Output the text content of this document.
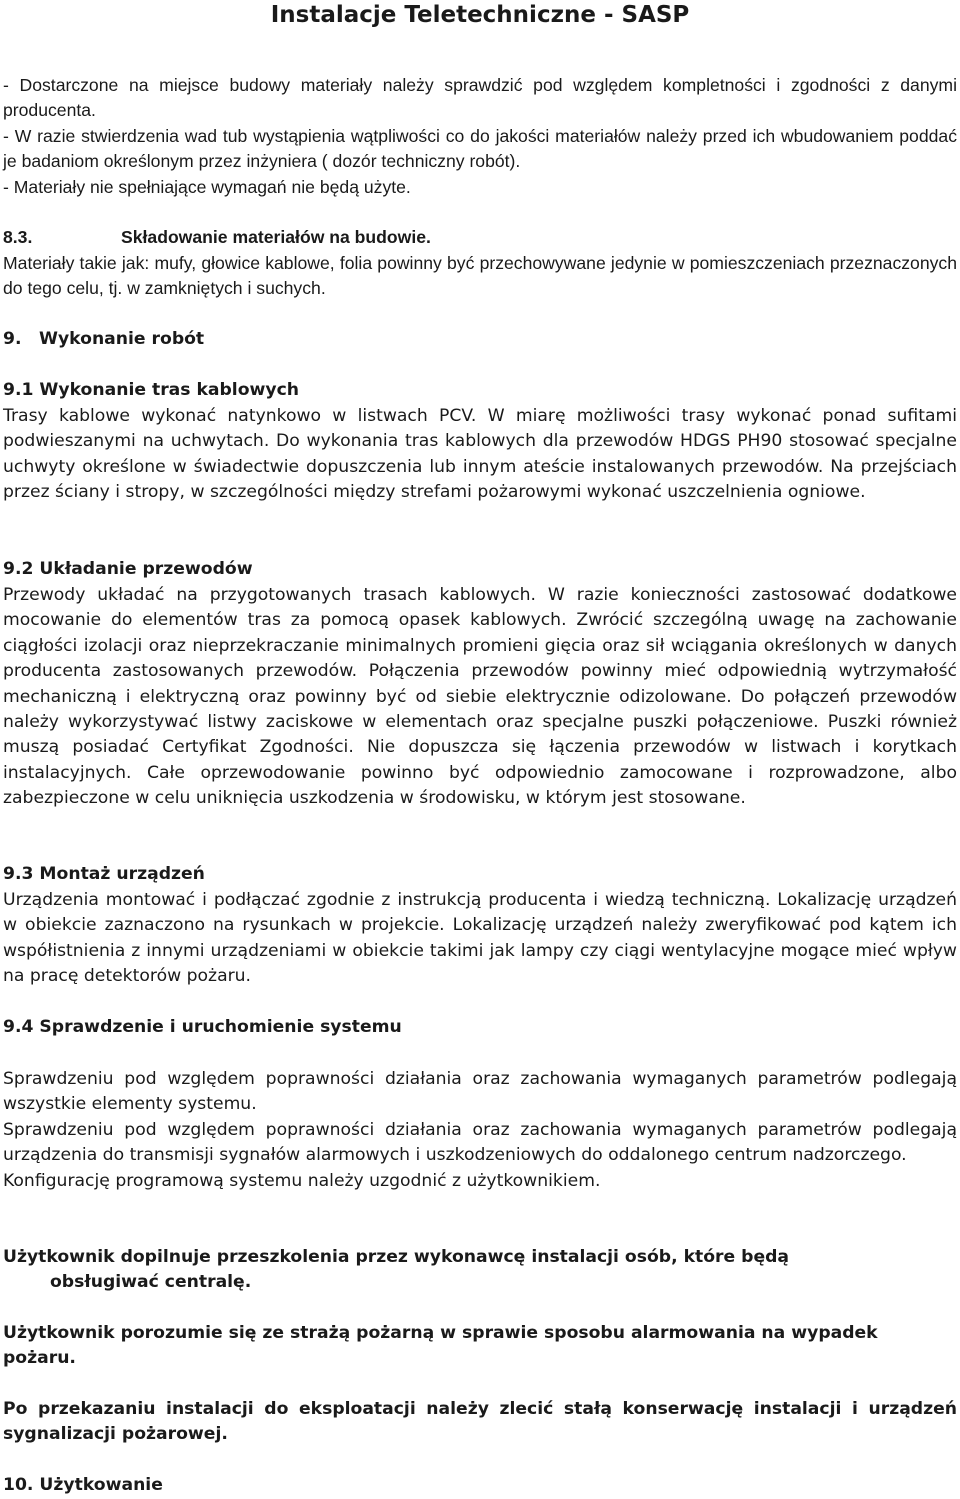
Instalacje Teletechniczne - SASP

- Dostarczone na miejsce budowy materiały należy sprawdzić pod względem kompletności i zgodności z danymi producenta.

- W razie stwierdzenia wad tub wystąpienia wątpliwości co do jakości materiałów należy przed ich wbudowaniem poddać je badaniom określonym przez inżyniera ( dozór techniczny robót).

- Materiały nie spełniające wymagań nie będą użyte.

8.3.	Składowanie materiałów na budowie.
Materiały takie jak: mufy, głowice kablowe, folia powinny być przechowywane jedynie w pomieszczeniach przeznaczonych do tego celu, tj. w zamkniętych i suchych.
9. Wykonanie robót
9.1 Wykonanie tras kablowych
Trasy kablowe wykonać natynkowo w listwach PCV. W miarę możliwości trasy wykonać ponad sufitami podwieszanymi na uchwytach. Do wykonania tras kablowych dla przewodów HDGS PH90 stosować specjalne uchwyty określone w świadectwie dopuszczenia lub innym ateście instalowanych przewodów. Na przejściach przez ściany i stropy, w szczególności między strefami pożarowymi wykonać uszczelnienia ogniowe.
9.2 Układanie przewodów
Przewody układać na przygotowanych trasach kablowych. W razie konieczności zastosować dodatkowe mocowanie do elementów tras za pomocą opasek kablowych. Zwrócić szczególną uwagę na zachowanie ciągłości izolacji oraz nieprzekraczanie minimalnych promieni gięcia oraz sił wciągania określonych w danych producenta zastosowanych przewodów. Połączenia przewodów powinny mieć odpowiednią wytrzymałość mechaniczną i elektryczną oraz powinny być od siebie elektrycznie odizolowane. Do połączeń przewodów należy wykorzystywać listwy zaciskowe w elementach oraz specjalne puszki połączeniowe. Puszki również muszą posiadać Certyfikat Zgodności. Nie dopuszcza się łączenia przewodów w listwach i korytkach instalacyjnych. Całe oprzewodowanie powinno być odpowiednio zamocowane i rozprowadzone, albo zabezpieczone w celu uniknięcia uszkodzenia w środowisku, w którym jest stosowane.
9.3 Montaż urządzeń
Urządzenia montować i podłączać zgodnie z instrukcją producenta i wiedzą techniczną. Lokalizację urządzeń w obiekcie zaznaczono na rysunkach w projekcie. Lokalizację urządzeń należy zweryfikować pod kątem ich współistnienia z innymi urządzeniami w obiekcie takimi jak lampy czy ciągi wentylacyjne mogące mieć wpływ na pracę detektorów pożaru.
9.4 Sprawdzenie i uruchomienie systemu

Sprawdzeniu pod względem poprawności działania oraz zachowania wymaganych parametrów podlegają wszystkie elementy systemu.

Sprawdzeniu pod względem poprawności działania oraz zachowania wymaganych parametrów podlegają urządzenia do transmisji sygnałów alarmowych i uszkodzeniowych do oddalonego centrum nadzorczego.

Konfigurację programową systemu należy uzgodnić z użytkownikiem.

Użytkownik dopilnuje przeszkolenia przez wykonawcę instalacji osób, które będą
obsługiwać centralę.
Użytkownik porozumie się ze strażą pożarną w sprawie sposobu alarmowania na wypadek pożaru.
Po przekazaniu instalacji do eksploatacji należy zlecić stałą konserwację instalacji i urządzeń sygnalizacji pożarowej.
10. Użytkowanie
